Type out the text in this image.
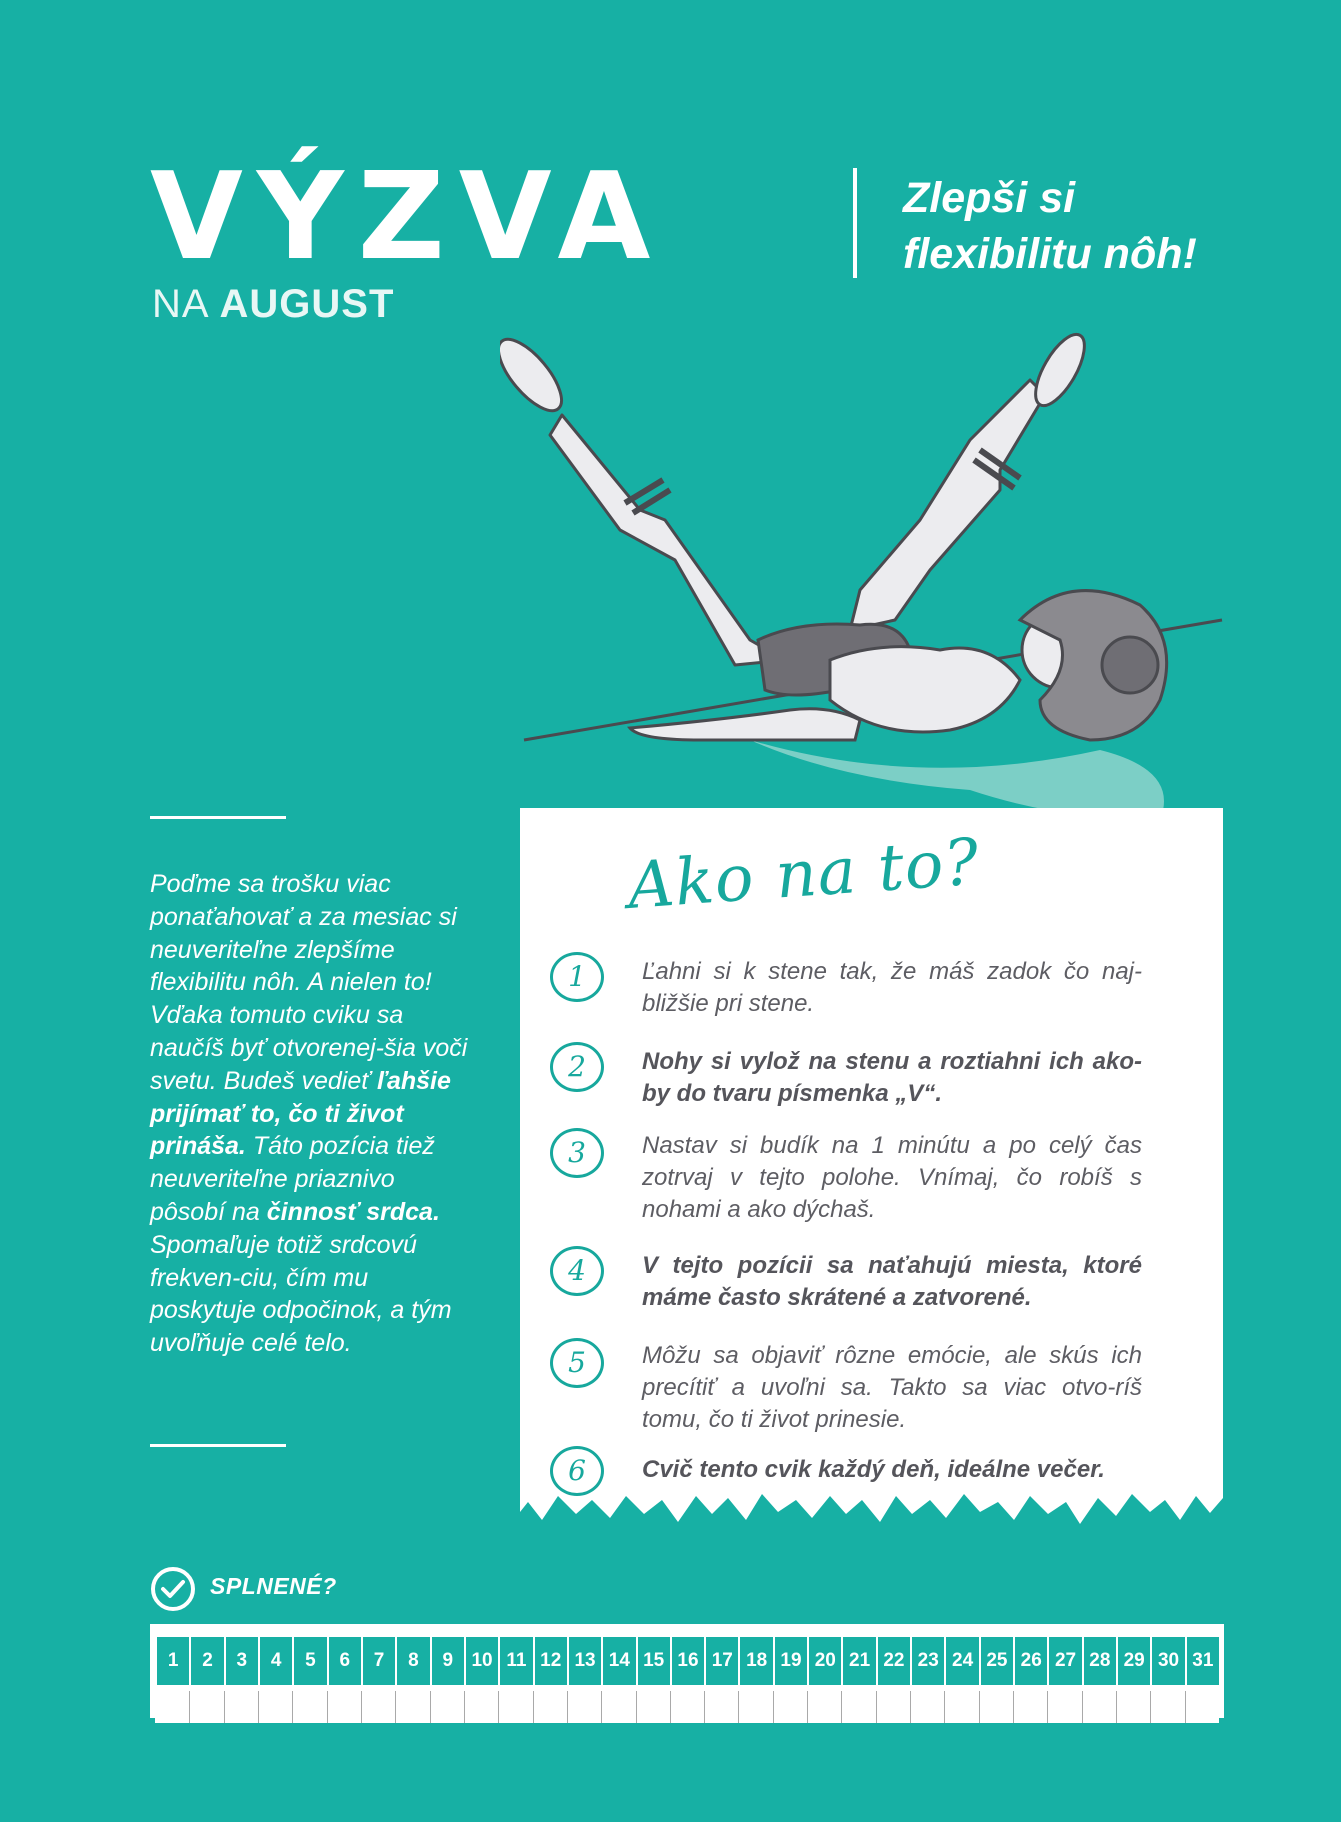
VÝZVA
NA AUGUST
Zlepši si
flexibilitu nôh!
Poďme sa trošku viac ponaťahovať a za mesiac si neuveriteľne zlepšíme flexibilitu nôh. A nielen to! Vďaka tomuto cviku sa naučíš byť otvorenej-šia voči svetu. Budeš vedieť ľahšie prijímať to, čo ti život prináša. Táto pozícia tiež neuveriteľne priaznivo pôsobí na činnosť srdca. Spomaľuje totiž srdcovú frekven-ciu, čím mu poskytuje odpočinok, a tým uvoľňuje celé telo.
Ako na to?
1	Ľahni si k stene tak, že máš zadok čo naj-bližšie pri stene.
2	Nohy si vylož na stenu a roztiahni ich ako-by do tvaru písmenka „V“.
3	Nastav si budík na 1 minútu a po celý čas zotrvaj v tejto polohe. Vnímaj, čo robíš s nohami a ako dýchaš.
4	V tejto pozícii sa naťahujú miesta, ktoré máme často skrátené a zatvorené.
5	Môžu sa objaviť rôzne emócie, ale skús ich precítiť a uvoľni sa. Takto sa viac otvo-ríš tomu, čo ti život prinesie.
6	Cvič tento cvik každý deň, ideálne večer.
SPLNENÉ?
1	2	3	4	5	6	7	8	9 10 11 12 13 14 15 16 17 18 19 20 21 22 23 24 25 26 27 28 29 30 31
